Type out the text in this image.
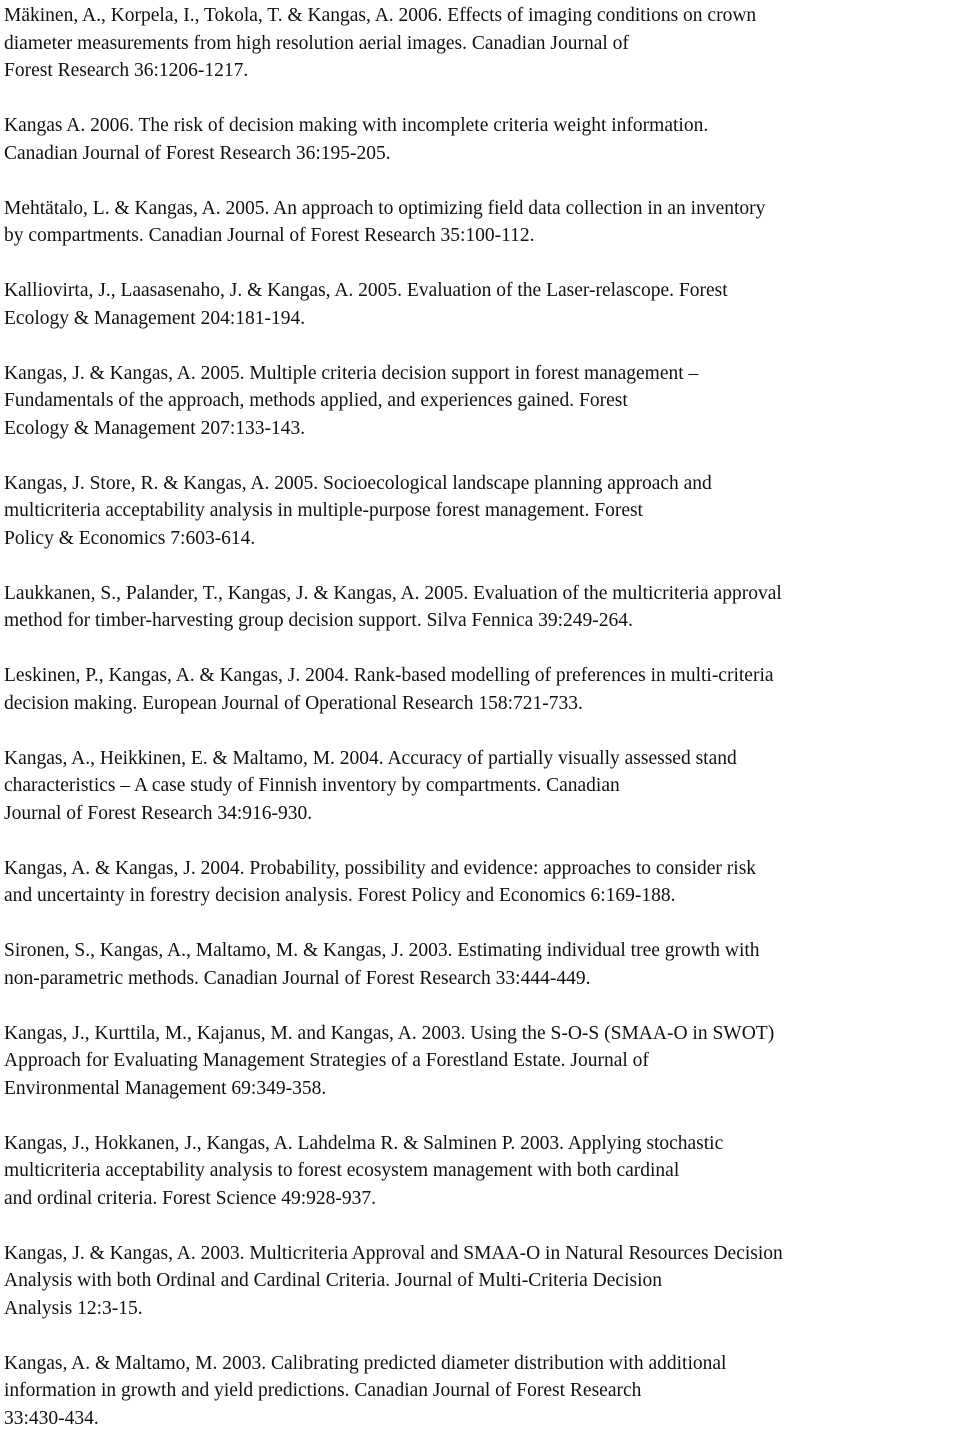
Mäkinen, A., Korpela, I., Tokola, T. & Kangas, A. 2006. Effects of imaging conditions on crown
diameter measurements from high resolution aerial images. Canadian Journal of
Forest Research 36:1206-1217.
Kangas A. 2006. The risk of decision making with incomplete criteria weight information.
Canadian Journal of Forest Research 36:195-205.
Mehtätalo, L. & Kangas, A. 2005. An approach to optimizing field data collection in an inventory
by compartments. Canadian Journal of Forest Research 35:100-112.
Kalliovirta, J., Laasasenaho, J. & Kangas, A. 2005. Evaluation of the Laser-relascope. Forest
Ecology & Management 204:181-194.
Kangas, J. & Kangas, A. 2005. Multiple criteria decision support in forest management –
Fundamentals of the approach, methods applied, and experiences gained. Forest
Ecology & Management 207:133-143.
Kangas, J. Store, R. & Kangas, A. 2005. Socioecological landscape planning approach and
multicriteria acceptability analysis in multiple-purpose forest management. Forest
Policy & Economics 7:603-614.
Laukkanen, S., Palander, T., Kangas, J. & Kangas, A. 2005. Evaluation of the multicriteria approval
method for timber-harvesting group decision support. Silva Fennica 39:249-264.
Leskinen, P., Kangas, A. & Kangas, J. 2004. Rank-based modelling of preferences in multi-criteria
decision making. European Journal of Operational Research 158:721-733.
Kangas, A., Heikkinen, E. & Maltamo, M. 2004. Accuracy of partially visually assessed stand
characteristics – A case study of Finnish inventory by compartments. Canadian
Journal of Forest Research 34:916-930.
Kangas, A. & Kangas, J. 2004. Probability, possibility and evidence: approaches to consider risk
and uncertainty in forestry decision analysis. Forest Policy and Economics 6:169-188.
Sironen, S., Kangas, A., Maltamo, M. & Kangas, J. 2003. Estimating individual tree growth with
non-parametric methods. Canadian Journal of Forest Research 33:444-449.
Kangas, J., Kurttila, M., Kajanus, M. and Kangas, A. 2003. Using the S-O-S (SMAA-O in SWOT)
Approach for Evaluating Management Strategies of a Forestland Estate. Journal of
Environmental Management 69:349-358.
Kangas, J., Hokkanen, J., Kangas, A. Lahdelma R. & Salminen P. 2003. Applying stochastic
multicriteria acceptability analysis to forest ecosystem management with both cardinal
and ordinal criteria. Forest Science 49:928-937.
Kangas, J. & Kangas, A. 2003. Multicriteria Approval and SMAA-O in Natural Resources Decision
Analysis with both Ordinal and Cardinal Criteria. Journal of Multi-Criteria Decision
Analysis 12:3-15.
Kangas, A. & Maltamo, M. 2003. Calibrating predicted diameter distribution with additional
information in growth and yield predictions. Canadian Journal of Forest Research
33:430-434.
